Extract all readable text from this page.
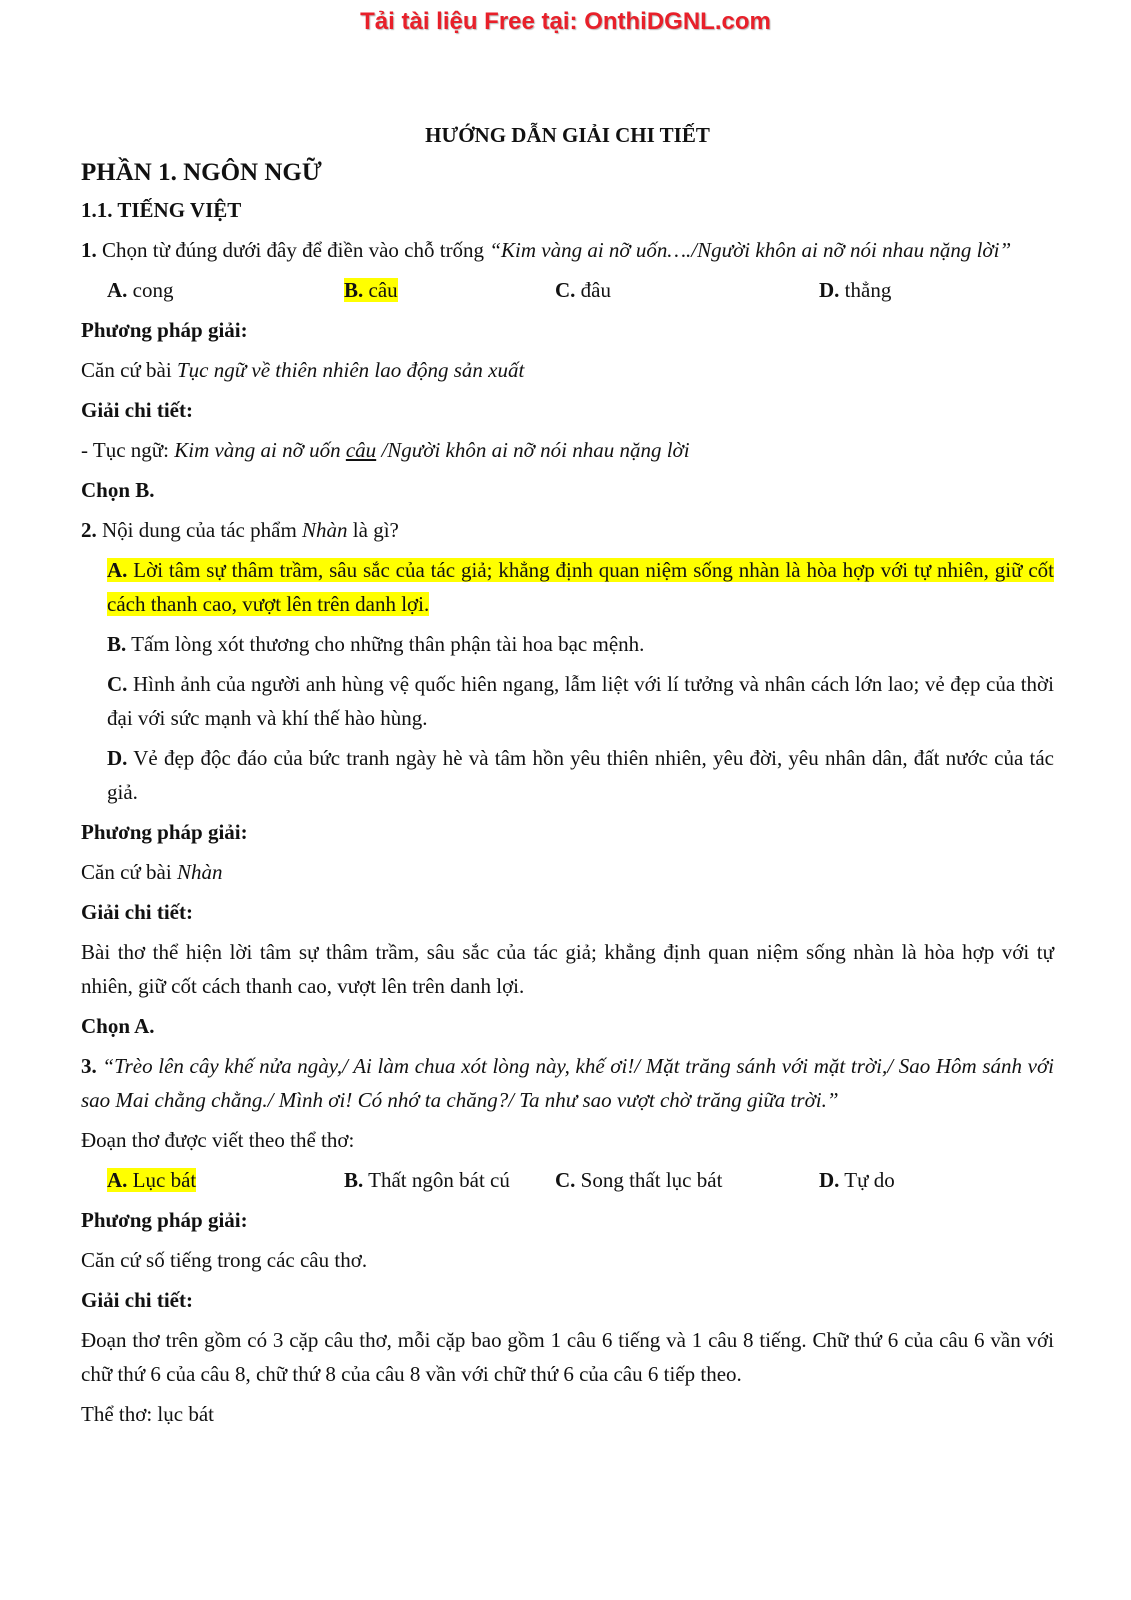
Tải tài liệu Free tại: OnthiDGNL.com
HƯỚNG DẪN GIẢI CHI TIẾT
PHẦN 1. NGÔN NGỮ
1.1. TIẾNG VIỆT

1. Chọn từ đúng dưới đây để điền vào chỗ trống “Kim vàng ai nỡ uốn…./Người khôn ai nỡ nói nhau nặng lời”

A. cong	B. câu	C. đâu	D. thẳng

Phương pháp giải:

Căn cứ bài Tục ngữ về thiên nhiên lao động sản xuất

Giải chi tiết:

- Tục ngữ: Kim vàng ai nỡ uốn câu /Người khôn ai nỡ nói nhau nặng lời

Chọn B.

2. Nội dung của tác phẩm Nhàn là gì?

A. Lời tâm sự thâm trầm, sâu sắc của tác giả; khẳng định quan niệm sống nhàn là hòa hợp với tự nhiên, giữ cốt cách thanh cao, vượt lên trên danh lợi.

B. Tấm lòng xót thương cho những thân phận tài hoa bạc mệnh.

C. Hình ảnh của người anh hùng vệ quốc hiên ngang, lẫm liệt với lí tưởng và nhân cách lớn lao; vẻ đẹp của thời đại với sức mạnh và khí thế hào hùng.

D. Vẻ đẹp độc đáo của bức tranh ngày hè và tâm hồn yêu thiên nhiên, yêu đời, yêu nhân dân, đất nước của tác giả.

Phương pháp giải:

Căn cứ bài Nhàn

Giải chi tiết:

Bài thơ thể hiện lời tâm sự thâm trầm, sâu sắc của tác giả; khẳng định quan niệm sống nhàn là hòa hợp với tự nhiên, giữ cốt cách thanh cao, vượt lên trên danh lợi.

Chọn A.

3. “Trèo lên cây khế nửa ngày,/ Ai làm chua xót lòng này, khế ơi!/ Mặt trăng sánh với mặt trời,/ Sao Hôm sánh với sao Mai chằng chằng./ Mình ơi! Có nhớ ta chăng?/ Ta như sao vượt chờ trăng giữa trời.”

Đoạn thơ được viết theo thể thơ:

A. Lục bát	B. Thất ngôn bát cú	C. Song thất lục bát	D. Tự do

Phương pháp giải:

Căn cứ số tiếng trong các câu thơ.

Giải chi tiết:

Đoạn thơ trên gồm có 3 cặp câu thơ, mỗi cặp bao gồm 1 câu 6 tiếng và 1 câu 8 tiếng. Chữ thứ 6 của câu 6 vần với chữ thứ 6 của câu 8, chữ thứ 8 của câu 8 vần với chữ thứ 6 của câu 6 tiếp theo.

Thể thơ: lục bát
